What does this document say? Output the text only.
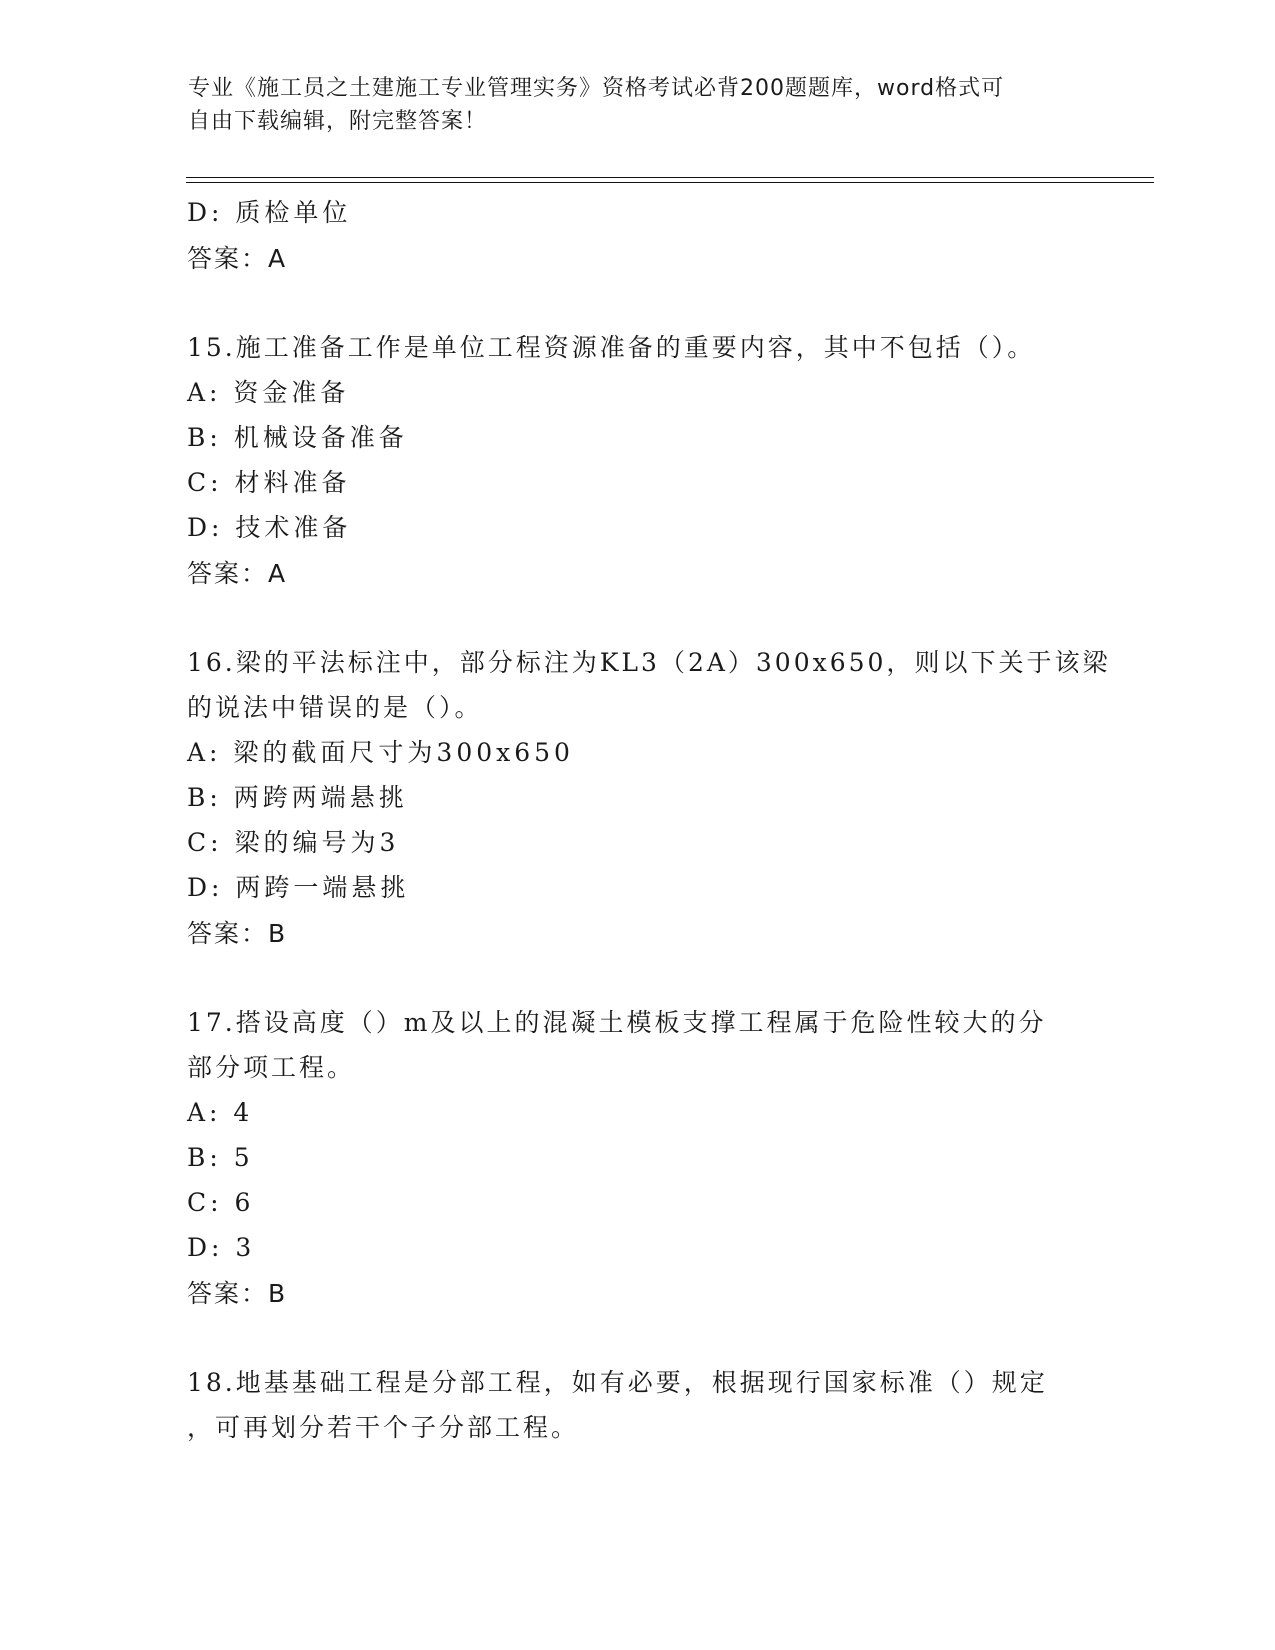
专业《施工员之土建施工专业管理实务》资格考试必背200题题库，word格式可
自由下载编辑，附完整答案！
D: 质检单位
答案：A
15.施工准备工作是单位工程资源准备的重要内容，其中不包括（）。
A: 资金准备
B: 机械设备准备
C: 材料准备
D: 技术准备
答案：A
16.梁的平法标注中，部分标注为KL3（2A）300x650，则以下关于该梁
的说法中错误的是（）。
A: 梁的截面尺寸为300x650
B: 两跨两端悬挑
C: 梁的编号为3
D: 两跨一端悬挑
答案：B
17.搭设高度（）m及以上的混凝土模板支撑工程属于危险性较大的分
部分项工程。
A: 4
B: 5
C: 6
D: 3
答案：B
18.地基基础工程是分部工程，如有必要，根据现行国家标准（）规定
，可再划分若干个子分部工程。
